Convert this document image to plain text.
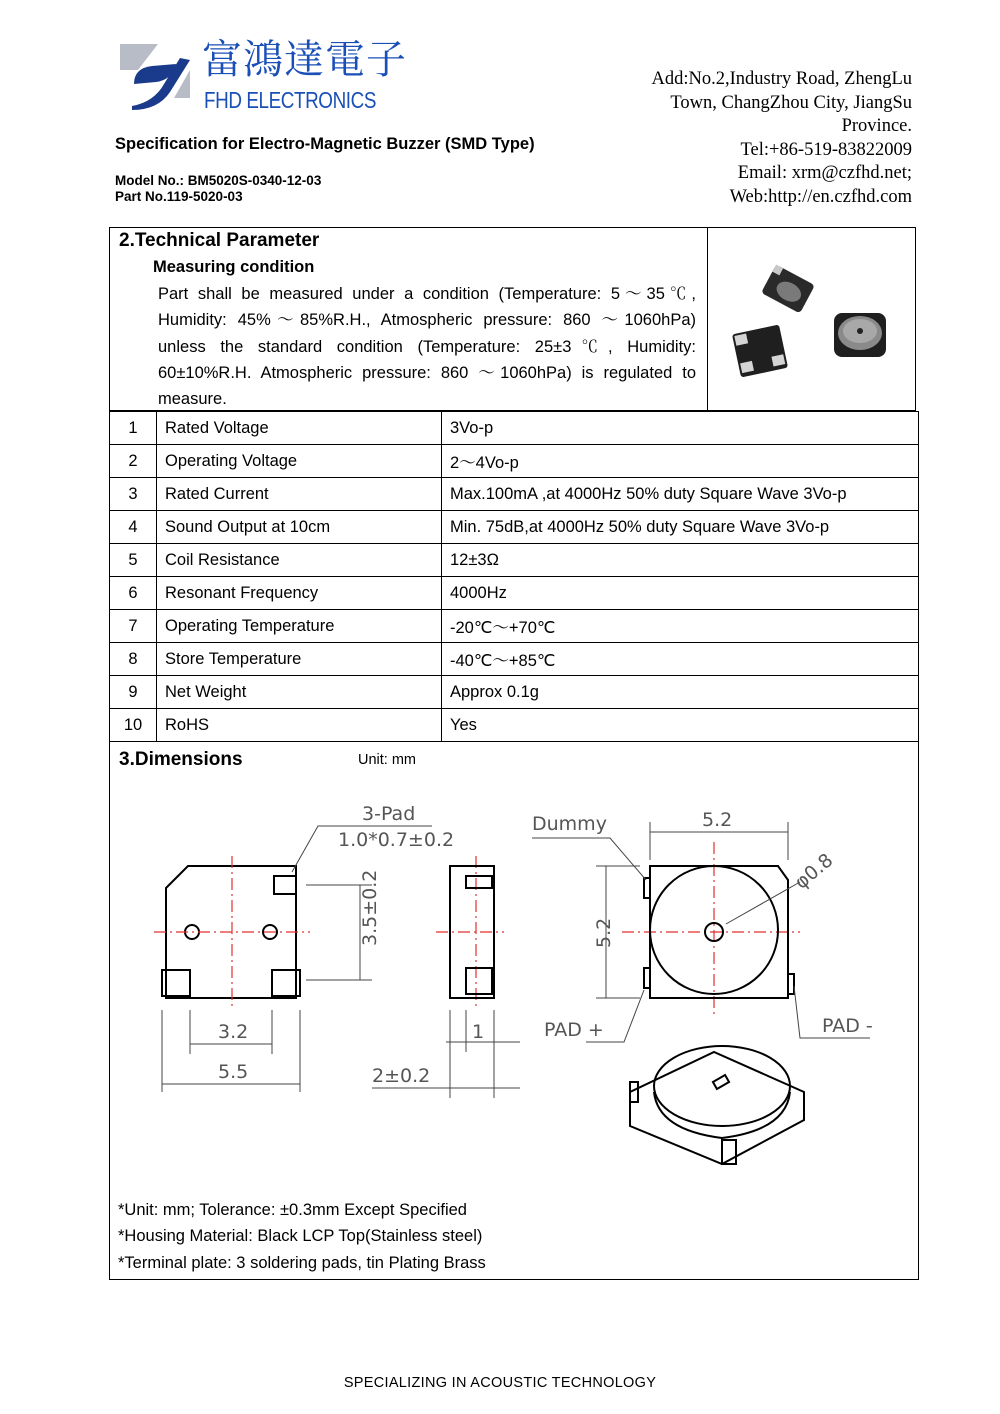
富鴻達電子
FHD ELECTRONICS
Add:No.2,Industry Road, ZhengLu
Town, ChangZhou City, JiangSu
Province.
Tel:+86-519-83822009
Email: xrm@czfhd.net;
Web:http://en.czfhd.com
Specification for Electro-Magnetic Buzzer (SMD Type)
Model No.: BM5020S-0340-12-03
Part No.119-5020-03
2.Technical Parameter
Measuring condition
Part shall be measured under a condition (Temperature: 5～35℃, Humidity: 45%～85%R.H., Atmospheric pressure: 860 ～1060hPa) unless the standard condition (Temperature: 25±3℃, Humidity: 60±10%R.H. Atmospheric pressure: 860 ～1060hPa) is regulated to measure.
1	Rated Voltage	3Vo-p
2	Operating Voltage	2～4Vo-p
3	Rated Current	Max.100mA ,at 4000Hz 50% duty Square Wave 3Vo-p
4	Sound Output at 10cm	Min. 75dB,at 4000Hz 50% duty Square Wave 3Vo-p
5	Coil Resistance	12±3Ω
6	Resonant Frequency	4000Hz
7	Operating Temperature	-20℃～+70℃
8	Store Temperature	-40℃～+85℃
9	Net Weight	Approx 0.1g
10	RoHS	Yes
3.Dimensions	Unit: mm
3-Pad
1.0*0.7±0.2
3.5±0.2
3.2
5.5
1
2±0.2
Dummy	5.2
φ0.8
5.2
PAD +	PAD -
*Unit: mm; Tolerance: ±0.3mm Except Specified
*Housing Material: Black LCP Top(Stainless steel)
*Terminal plate: 3 soldering pads, tin Plating Brass
SPECIALIZING IN ACOUSTIC TECHNOLOGY
